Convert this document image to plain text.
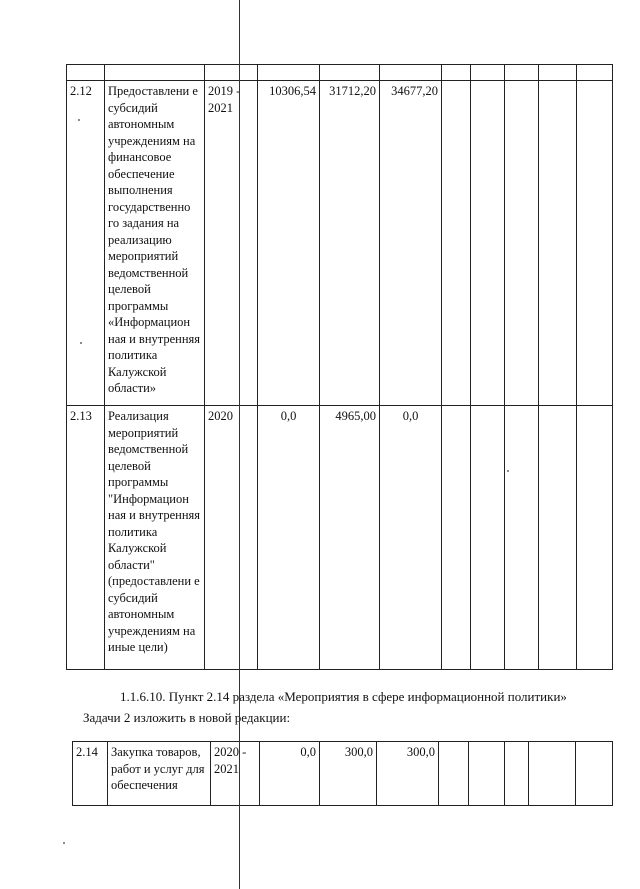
2.12	Предоставлени е субсидий автономным учреждениям на финансовое обеспечение выполнения государственно го задания на реализацию мероприятий ведомственной целевой программы «Информацион ная и внутренняя политика Калужской области»	2019 - 2021	10306,54	31712,20	34677,20					
2.13	Реализация мероприятий ведомственной целевой программы "Информацион ная и внутренняя политика Калужской области" (предоставлени е субсидий автономным учреждениям на иные цели)	2020	0,0	4965,00	0,0					
1.1.6.10. Пункт 2.14 раздела «Мероприятия в сфере информационной политики»
Задачи 2 изложить в новой редакции:
2.14	Закупка товаров, работ и услуг для обеспечения	2020 - 2021	0,0	300,0	300,0					
